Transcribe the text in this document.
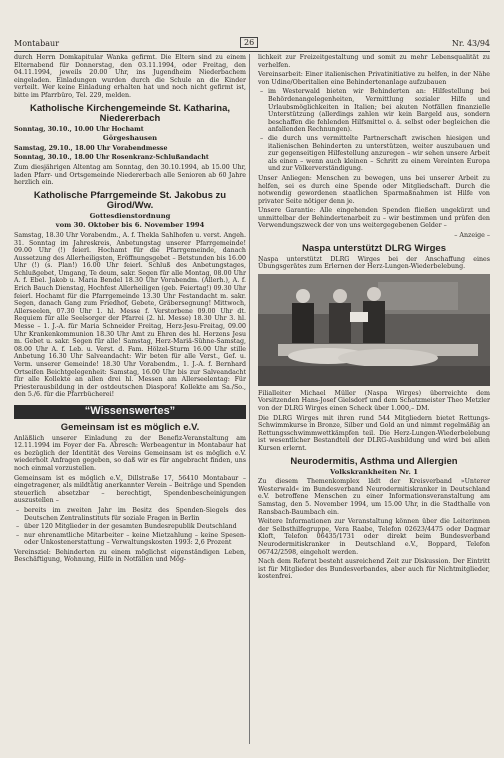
Montabaur	26	Nr. 43/94

durch Herrn Domkapitular Wanka gefirmt. Die Eltern sind zu einem Elternabend für Donnerstag, den 03.11.1994, oder Freitag, den 04.11.1994, jeweils 20.00 Uhr, ins Jugendheim Niederbachem eingeladen. Einladungen wurden durch die Schule an die Kinder verteilt. Wer keine Einladung erhalten hat und noch nicht gefirmt ist, bitte im Pfarrbüro, Tel. 229, melden.

Katholische Kirchengemeinde St. Katharina, Niedererbach

Sonntag, 30.10., 10.00 Uhr Hochamt

Görgeshausen

Samstag, 29.10., 18.00 Uhr Vorabendmesse

Sonntag, 30.10., 18.00 Uhr Rosenkranz-Schlußandacht

Zum diesjährigen Altentag am Sonntag, den 30.10.1994, ab 15.00 Uhr, laden Pfarr- und Ortsgemeinde Niedererbach alle Senioren ab 60 Jahre herzlich ein.

Katholische Pfarrgemeinde St. Jakobus zu Girod/Ww.
Gottesdienstordnung
vom 30. Oktober bis 6. November 1994

Samstag, 18.30 Uhr Vorabendm., A. f. Thekla Sahlhofen u. verst. Angeh. 31. Sonntag im Jahreskreis, Anbetungstag unserer Pfarrgemeinde! 09.00 Uhr (!) feierl. Hochamt für die Pfarrgemeinde, danach Aussetzung des Allerheiligsten, Eröffnungsgebet – Betstunden bis 16.00 Uhr (!) (s. Plan!) 16.00 Uhr feierl. Schluß des Anbetungstages, Schlußgebet, Umgang, Te deum, sakr. Segen für alle Montag, 08.00 Uhr A. f. Ebel. Jakob u. Maria Bendel 18.30 Uhr Vorabendm. (Allerh.), A. f. Erich Bauch Dienstag, Hochfest Allerheiligen (geb. Feiertag!) 09.30 Uhr feierl. Hochamt für die Pfarrgemeinde 13.30 Uhr Festandacht m. sakr. Segen, danach Gang zum Friedhof, Gebete, Gräbersegnung! Mittwoch, Allerseelen, 07.30 Uhr 1. hl. Messe f. Verstorbene 09.00 Uhr dt. Requiem für alle Seelsorger der Pfarrei (2. hl. Messe) 18.30 Uhr 3. hl. Messe – 1. J.-A. für Maria Schneider Freitag, Herz-Jesu-Freitag, 09.00 Uhr Krankenkommunion 18.30 Uhr Amt zu Ehren des hl. Herzens Jesu m. Gebet u. sakr. Segen für alle! Samstag, Herz-Mariä-Sühne-Samstag, 08.00 Uhr A. f. Leb. u. Verst. d. Fam. Hölzel-Sturm 16.00 Uhr stille Anbetung 16.30 Uhr Salveandacht: Wir beten für alle Verst., Gef. u. Verm. unserer Gemeinde! 18.30 Uhr Vorabendm., 1. J.-A. f. Bernhard Ortseifen Beichtgelegenheit: Samstag, 16.00 Uhr bis zur Salveandacht für alle Kollekte an allen drei hl. Messen am Allerseelentag: Für Priesterausbildung in der ostdeutschen Diaspora! Kollekte am Sa./So., den 5./6. für die Pfarrbücherei!

“Wissenswertes”
Gemeinsam ist es möglich e.V.

Anläßlich unserer Einladung zu der Benefiz-Veranstaltung am 12.11.1994 im Foyer der Fa. Abresch: Werbeagentur in Montabaur hat es bezüglich der Identität des Vereins Gemeinsam ist es möglich e.V. wiederholt Anfragen gegeben, so daß wir es für angebracht finden, uns noch einmal vorzustellen.

Gemeinsam ist es möglich e.V., Dillstraße 17, 56410 Montabaur – eingetragener, als mildtätig anerkannter Verein – Beiträge und Spenden steuerlich absetzbar – berechtigt, Spendenbescheinigungen auszustellen –

– bereits im zweiten Jahr im Besitz des Spenden-Siegels des Deutschen Zentralinstituts für soziale Fragen in Berlin
– über 120 Mitglieder in der gesamten Bundesrepublik Deutschland
– nur ehrenamtliche Mitarbeiter – keine Mietzahlung – keine Spesen- oder Unkostenerstattung – Verwaltungskosten 1993: 2,6 Prozent

Vereinsziel: Behinderten zu einem möglichst eigenständigen Leben, Beschäftigung, Wohnung, Hilfe in Notfällen und Mög-

lichkeit zur Freizeitgestaltung und somit zu mehr Lebensqualität zu verhelfen.

Vereinsarbeit: Einer italienischen Privatinitiative zu helfen, in der Nähe von Udine/Oberitalien eine Behindertenanlage aufzubauen

– im Westerwald bieten wir Behinderten an: Hilfestellung bei Behördenangelegenheiten, Vermittlung sozialer Hilfe und Urlaubsmöglichkeiten in Italien; bei akuten Notfällen finanzielle Unterstützung (allerdings zahlen wir kein Bargeld aus, sondern beschaffen die fehlenden Hilfsmittel o. ä. selbst oder begleichen die anfallenden Rechnungen).
– die durch uns vermittelte Partnerschaft zwischen hiesigen und italienischen Behinderten zu unterstützen, weiter auszubauen und zur gegenseitigen Hilfestellung anzuregen – wir sehen unsere Arbeit als einen – wenn auch kleinen – Schritt zu einem Vereinten Europa und zur Völkerverständigung.

Unser Anliegen: Menschen zu bewegen, uns bei unserer Arbeit zu helfen, sei es durch eine Spende oder Mitgliedschaft. Durch die notwendig gewordenen staatlichen Sparmaßnahmen ist Hilfe von privater Seite nötiger denn je.

Unsere Garantie: Alle eingehenden Spenden fließen ungekürzt und unmittelbar der Behindertenarbeit zu – wir bestimmen und prüfen den Verwendungszweck der von uns weitergegebenen Gelder –

– Anzeige –

Naspa unterstützt DLRG Wirges

Naspa unterstützt DLRG Wirges bei der Anschaffung eines Übungsgerätes zum Erlernen der Herz-Lungen-Wiederbelebung.

Filialleiter Michael Müller (Naspa Wirges) überreichte dem Vorsitzenden Hans-Josef Gielsdorf und dem Schatzmeister Theo Metzler von der DLRG Wirges einen Scheck über 1.000,– DM.

Die DLRG Wirges mit ihren rund 544 Mitgliedern bietet Rettungs-Schwimmkurse in Bronze, Silber und Gold an und nimmt regelmäßig an Rettungsschwimmwettkämpfen teil. Die Herz-Lungen-Wiederbelebung ist wesentlicher Bestandteil der DLRG-Ausbildung und wird bei allen Kursen erlernt.

Neurodermitis, Asthma und Allergien
Volkskrankheiten Nr. 1

Zu diesem Themenkomplex lädt der Kreisverband »Unterer Westerwald« im Bundesverband Neurodermitiskranker in Deutschland e.V. betroffene Menschen zu einer Informationsveranstaltung am Samstag, den 5. November 1994, um 15.00 Uhr, in die Stadthalle von Ransbach-Baumbach ein.

Weitere Informationen zur Veranstaltung können über die Leiterinnen der Selbsthilfegruppe, Vera Raabe, Telefon 02623/4475 oder Dagmar Kloft, Telefon 06435/1731 oder direkt beim Bundesverband Neurodermitiskranker in Deutschland e.V., Boppard, Telefon 06742/2598, eingeholt werden.

Nach dem Referat besteht ausreichend Zeit zur Diskussion. Der Eintritt ist für Mitglieder des Bundesverbandes, aber auch für Nichtmitglieder, kostenfrei.
